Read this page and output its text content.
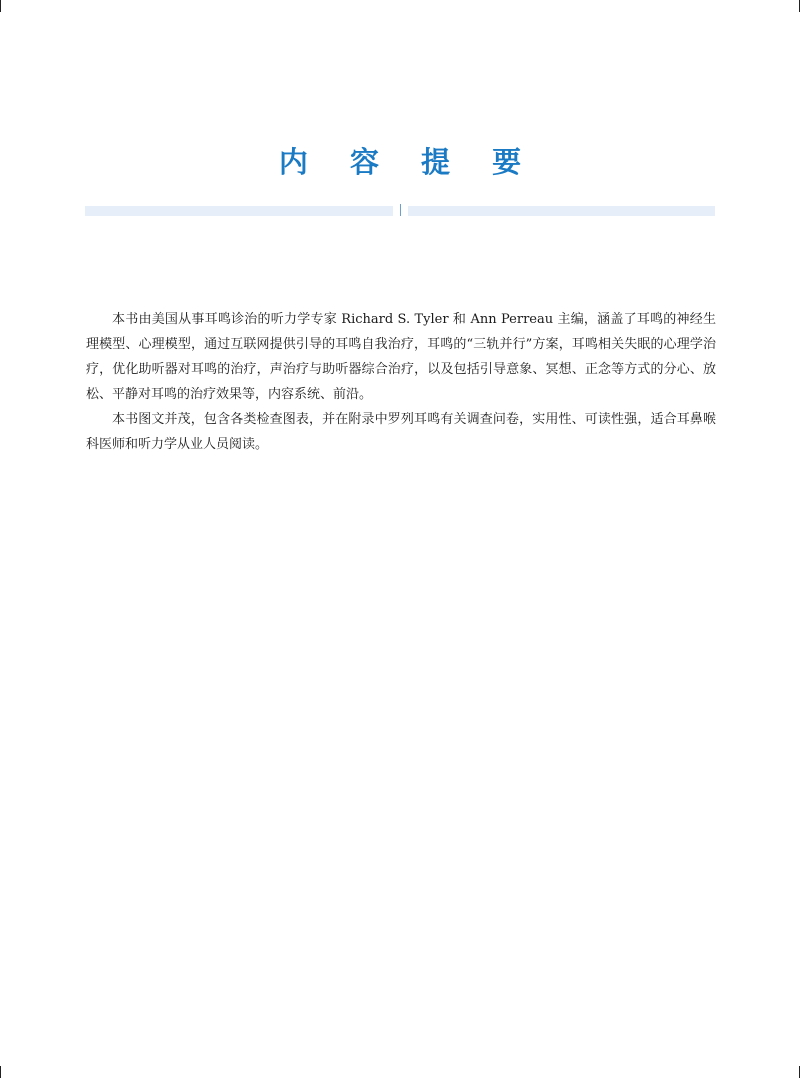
内 容 提 要

本书由美国从事耳鸣诊治的听力学专家 Richard S. Tyler 和 Ann Perreau 主编，涵盖了耳鸣的神经生理模型、心理模型，通过互联网提供引导的耳鸣自我治疗，耳鸣的“三轨并行”方案，耳鸣相关失眠的心理学治疗，优化助听器对耳鸣的治疗，声治疗与助听器综合治疗，以及包括引导意象、冥想、正念等方式的分心、放松、平静对耳鸣的治疗效果等，内容系统、前沿。

本书图文并茂，包含各类检查图表，并在附录中罗列耳鸣有关调查问卷，实用性、可读性强，适合耳鼻喉科医师和听力学从业人员阅读。
